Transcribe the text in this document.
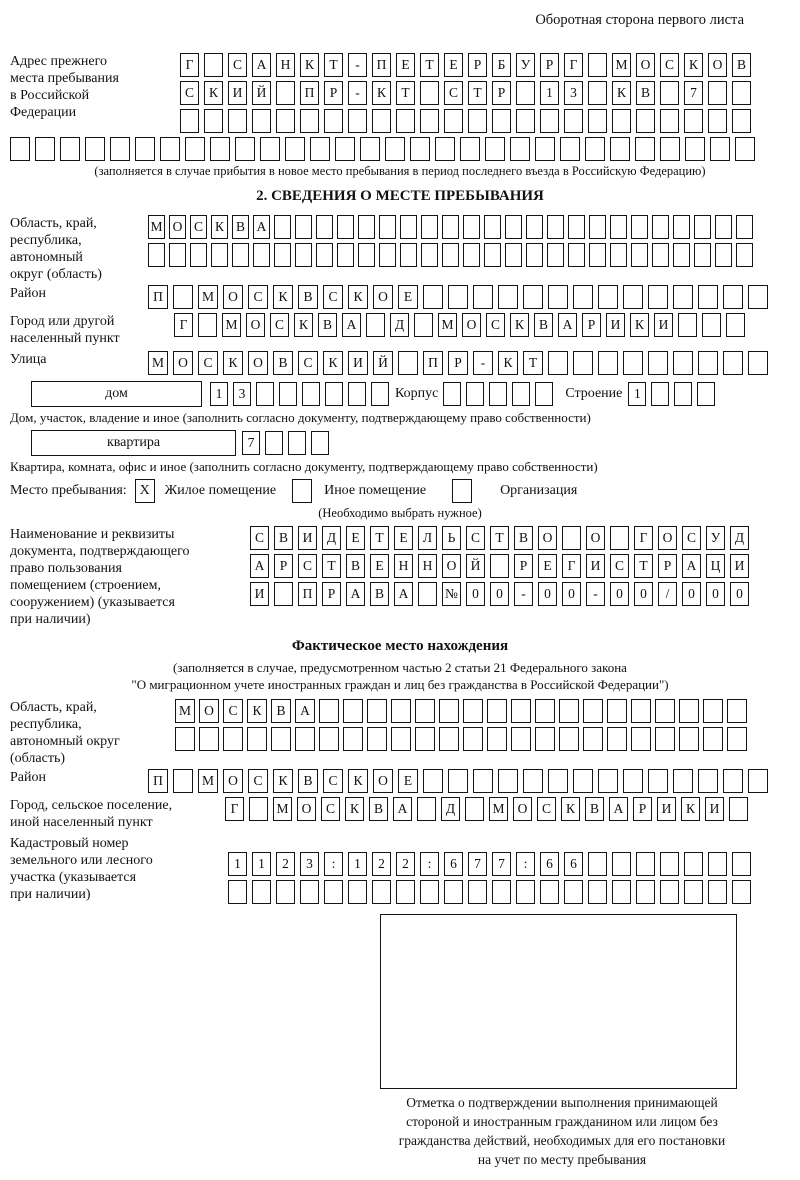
Оборотная сторона первого листа
Адрес прежнего
места пребывания
в Российской
Федерации
Г	С	А	Н	К	Т	-	П	Е	Т	Е	Р	Б	У	Р	Г	М О	С	К	О	В
С	К	И	Й	П	Р	-	К	Т	С	Т	Р	1	3	К	В	7
(заполняется в случае прибытия в новое место пребывания в период последнего въезда в Российскую Федерацию)
2. СВЕДЕНИЯ О МЕСТЕ ПРЕБЫВАНИЯ
Область, край,
республика,
автономный
округ (область)
М О С К В А
Район	П	М	О	С	К	В	С	К	О	Е
Город или другой
населенный пункт
Г	М О	С	К	В	А	Д	М О	С	К	В	А	Р	И	К	И
Улица	М	О	С	К	О	В	С	К	И	Й	П	Р	-	К	Т
дом	1	3	Корпус	Строение 1
Дом, участок, владение и иное (заполнить согласно документу, подтверждающему право собственности)
квартира	7
Квартира, комната, офис и иное (заполнить согласно документу, подтверждающему право собственности)
Место пребывания: X	Жилое помещение	Иное помещение	Организация
(Необходимо выбрать нужное)
Наименование и реквизиты
документа, подтверждающего
право пользования
помещением (строением,
сооружением) (указывается
при наличии)
С	В	И	Д	Е	Т	Е	Л	Ь	С	Т	В	О	О	Г	О	С	У	Д
А	Р	С	Т	В	Е	Н	Н	О	Й	Р	Е	Г	И	С	Т	Р	А	Ц	И
И	П	Р	А	В	А	№	0	0	-	0	0	-	0	0	/	0	0	0
Фактическое место нахождения
(заполняется в случае, предусмотренном частью 2 статьи 21 Федерального закона
"О миграционном учете иностранных граждан и лиц без гражданства в Российской Федерации")
Область, край,
республика,
автономный округ
(область)
М О	С	К	В	А
Район	П	М	О	С	К	В	С	К	О	Е
Город, сельское поселение,
иной населенный пункт
Г	М О	С	К	В	А	Д	М О	С	К	В	А	Р	И	К	И
Кадастровый номер
земельного или лесного
участка (указывается
при наличии)
1	1	2	3	:	1	2	2	:	6	7	7	:	6	6
Отметка о подтверждении выполнения принимающей
стороной и иностранным гражданином или лицом без
гражданства действий, необходимых для его постановки
на учет по месту пребывания
